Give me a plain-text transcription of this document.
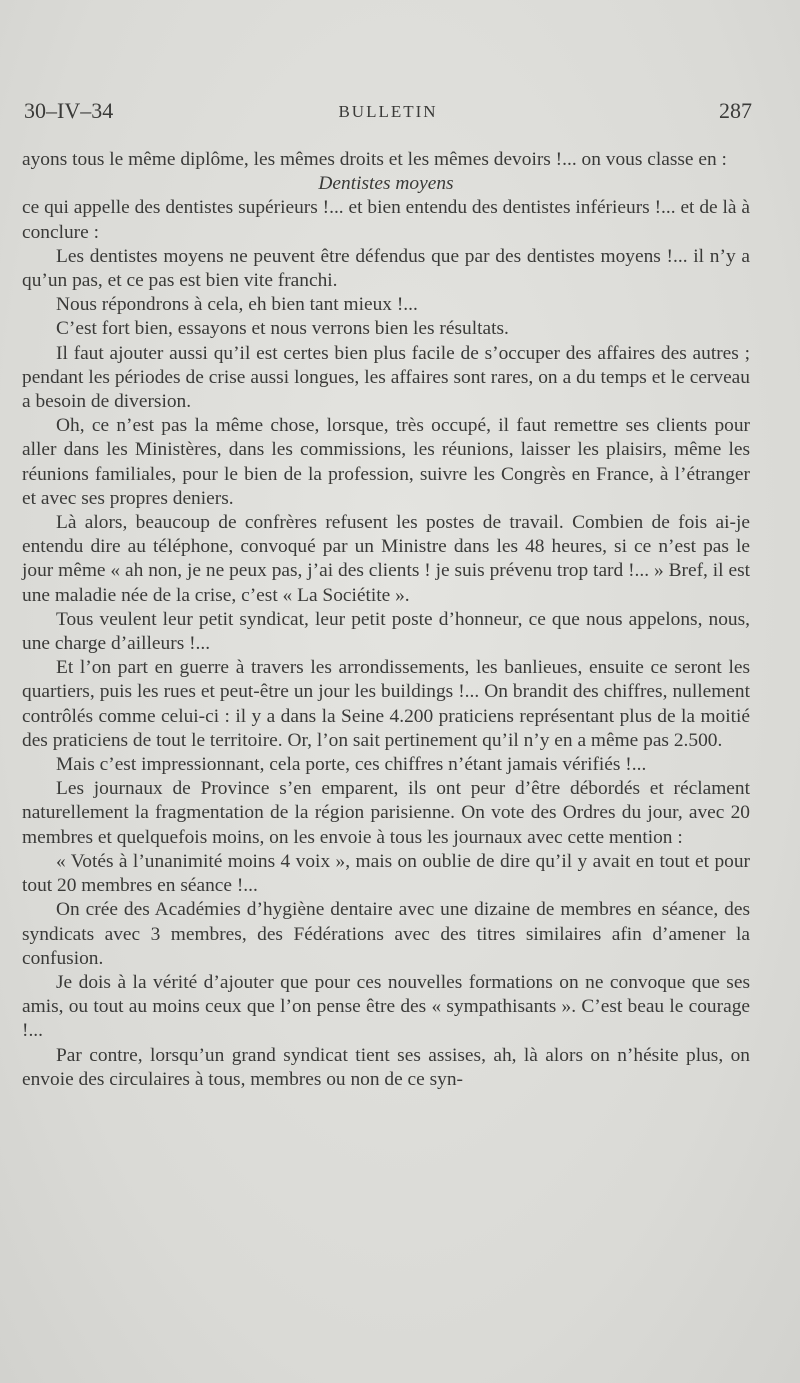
30–IV–34	BULLETIN	287

ayons tous le même diplôme, les mêmes droits et les mêmes devoirs !... on vous classe en :

Dentistes moyens

ce qui appelle des dentistes supérieurs !... et bien entendu des dentistes inférieurs !... et de là à conclure :

Les dentistes moyens ne peuvent être défendus que par des dentistes moyens !... il n’y a qu’un pas, et ce pas est bien vite franchi.

Nous répondrons à cela, eh bien tant mieux !...

C’est fort bien, essayons et nous verrons bien les résultats.

Il faut ajouter aussi qu’il est certes bien plus facile de s’occuper des affaires des autres ; pendant les périodes de crise aussi longues, les affaires sont rares, on a du temps et le cerveau a besoin de diversion.

Oh, ce n’est pas la même chose, lorsque, très occupé, il faut remettre ses clients pour aller dans les Ministères, dans les commissions, les réunions, laisser les plaisirs, même les réunions familiales, pour le bien de la profession, suivre les Congrès en France, à l’étranger et avec ses propres deniers.

Là alors, beaucoup de confrères refusent les postes de travail. Combien de fois ai-je entendu dire au téléphone, convoqué par un Ministre dans les 48 heures, si ce n’est pas le jour même « ah non, je ne peux pas, j’ai des clients ! je suis prévenu trop tard !... » Bref, il est une maladie née de la crise, c’est « La Sociétite ».

Tous veulent leur petit syndicat, leur petit poste d’honneur, ce que nous appelons, nous, une charge d’ailleurs !...

Et l’on part en guerre à travers les arrondissements, les banlieues, ensuite ce seront les quartiers, puis les rues et peut-être un jour les buildings !... On brandit des chiffres, nullement contrôlés comme celui-ci : il y a dans la Seine 4.200 praticiens représentant plus de la moitié des praticiens de tout le territoire. Or, l’on sait pertinement qu’il n’y en a même pas 2.500.

Mais c’est impressionnant, cela porte, ces chiffres n’étant jamais vérifiés !...

Les journaux de Province s’en emparent, ils ont peur d’être débordés et réclament naturellement la fragmentation de la région parisienne. On vote des Ordres du jour, avec 20 membres et quelquefois moins, on les envoie à tous les journaux avec cette mention :

« Votés à l’unanimité moins 4 voix », mais on oublie de dire qu’il y avait en tout et pour tout 20 membres en séance !...

On crée des Académies d’hygiène dentaire avec une dizaine de membres en séance, des syndicats avec 3 membres, des Fédérations avec des titres similaires afin d’amener la confusion.

Je dois à la vérité d’ajouter que pour ces nouvelles formations on ne convoque que ses amis, ou tout au moins ceux que l’on pense être des « sympathisants ». C’est beau le courage !...

Par contre, lorsqu’un grand syndicat tient ses assises, ah, là alors on n’hésite plus, on envoie des circulaires à tous, membres ou non de ce syn-
